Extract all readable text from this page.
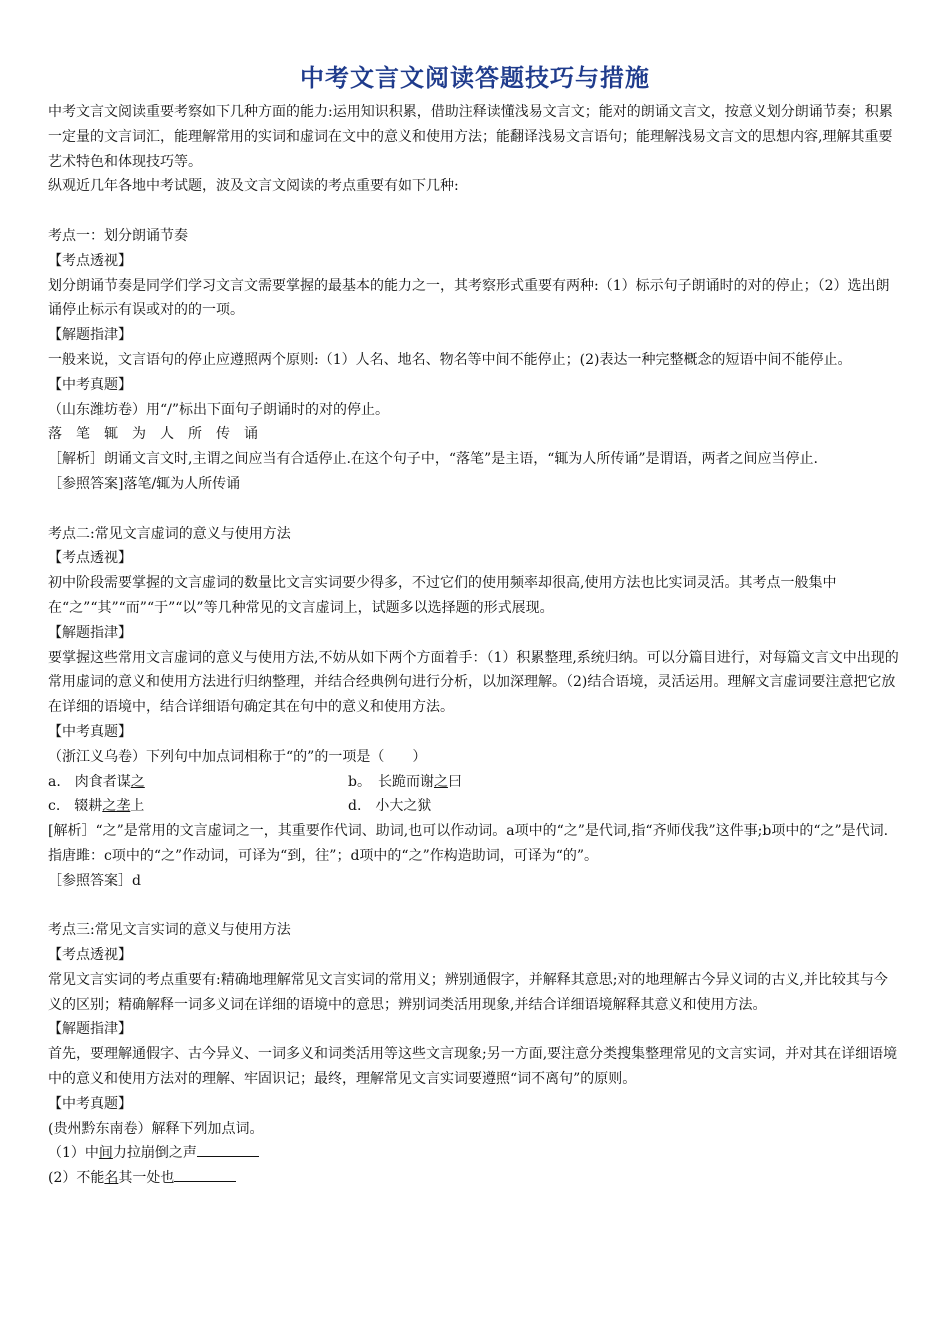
中考文言文阅读答题技巧与措施

中考文言文阅读重要考察如下几种方面的能力:运用知识积累，借助注释读懂浅易文言文；能对的朗诵文言文，按意义划分朗诵节奏；积累一定量的文言词汇，能理解常用的实词和虚词在文中的意义和使用方法；能翻译浅易文言语句；能理解浅易文言文的思想内容,理解其重要艺术特色和体现技巧等。

纵观近几年各地中考试题，波及文言文阅读的考点重要有如下几种:

考点一：划分朗诵节奏

【考点透视】

划分朗诵节奏是同学们学习文言文需要掌握的最基本的能力之一，其考察形式重要有两种:（1）标示句子朗诵时的对的停止；（2）选出朗诵停止标示有误或对的的一项。

【解题指津】

一般来说，文言语句的停止应遵照两个原则:（1）人名、地名、物名等中间不能停止；(2)表达一种完整概念的短语中间不能停止。

【中考真题】

（山东潍坊卷）用“/”标出下面句子朗诵时的对的停止。

落笔辄为人所传诵

［解析］朗诵文言文时,主谓之间应当有合适停止.在这个句子中，“落笔”是主语，“辄为人所传诵”是谓语，两者之间应当停止.

［参照答案]落笔/辄为人所传诵

考点二:常见文言虚词的意义与使用方法

【考点透视】

初中阶段需要掌握的文言虚词的数量比文言实词要少得多，不过它们的使用频率却很高,使用方法也比实词灵活。其考点一般集中在“之”“其”“而”“于”“以”等几种常见的文言虚词上，试题多以选择题的形式展现。

【解题指津】

要掌握这些常用文言虚词的意义与使用方法,不妨从如下两个方面着手：（1）积累整理,系统归纳。可以分篇目进行，对每篇文言文中出现的常用虚词的意义和使用方法进行归纳整理，并结合经典例句进行分析，以加深理解。（2)结合语境，灵活运用。理解文言虚词要注意把它放在详细的语境中，结合详细语句确定其在句中的意义和使用方法。

【中考真题】

（浙江义乌卷）下列句中加点词相称于“的”的一项是（　　）

a.　肉食者谋之	b。　长跪而谢之曰
c.　辍耕之垄上	d.　小大之狱

[解析］“之”是常用的文言虚词之一，其重要作代词、助词,也可以作动词。a项中的“之”是代词,指“齐师伐我”这件事;b项中的“之”是代词.指唐雎：c项中的“之”作动词，可译为“到，往”；d项中的“之”作构造助词，可译为“的”。

［参照答案］d

考点三:常见文言实词的意义与使用方法

【考点透视】

常见文言实词的考点重要有:精确地理解常见文言实词的常用义；辨别通假字，并解释其意思;对的地理解古今异义词的古义,并比较其与今义的区别；精确解释一词多义词在详细的语境中的意思；辨别词类活用现象,并结合详细语境解释其意义和使用方法。

【解题指津】

首先，要理解通假字、古今异义、一词多义和词类活用等这些文言现象;另一方面,要注意分类搜集整理常见的文言实词，并对其在详细语境中的意义和使用方法对的理解、牢固识记；最终，理解常见文言实词要遵照“词不离句”的原则。

【中考真题】

(贵州黔东南卷）解释下列加点词。

（1）中间力拉崩倒之声

(2）不能名其一处也
